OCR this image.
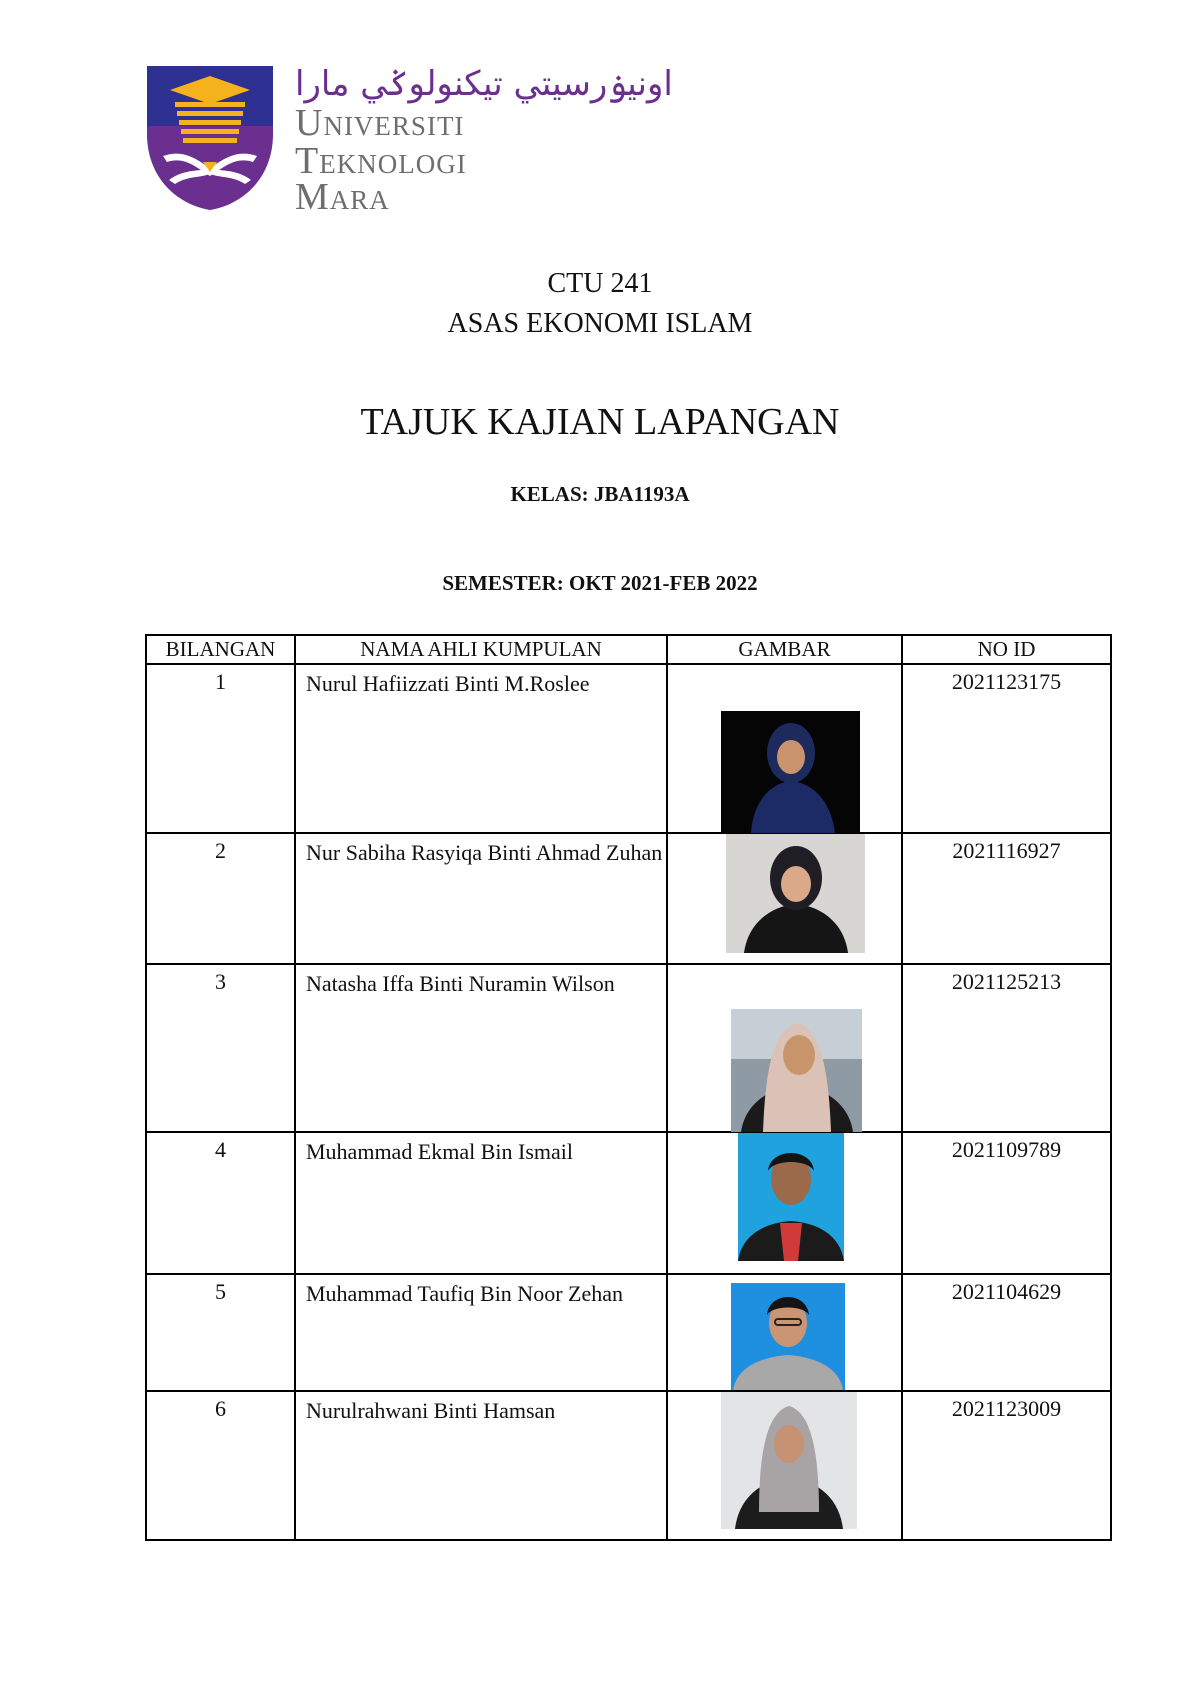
اونيۏرسيتي تيكنولوݢي مارا
Universiti
Teknologi
Mara
CTU 241
ASAS EKONOMI ISLAM
TAJUK KAJIAN LAPANGAN
KELAS: JBA1193A
SEMESTER: OKT 2021-FEB 2022
BILANGAN	NAMA AHLI KUMPULAN	GAMBAR	NO ID
1	Nurul Hafiizzati Binti M.Roslee		2021123175
2	Nur Sabiha Rasyiqa Binti Ahmad Zuhan		2021116927
3	Natasha Iffa Binti Nuramin Wilson		2021125213
4	Muhammad Ekmal Bin Ismail		2021109789
5	Muhammad Taufiq Bin Noor Zehan		2021104629
6	Nurulrahwani Binti Hamsan		2021123009
